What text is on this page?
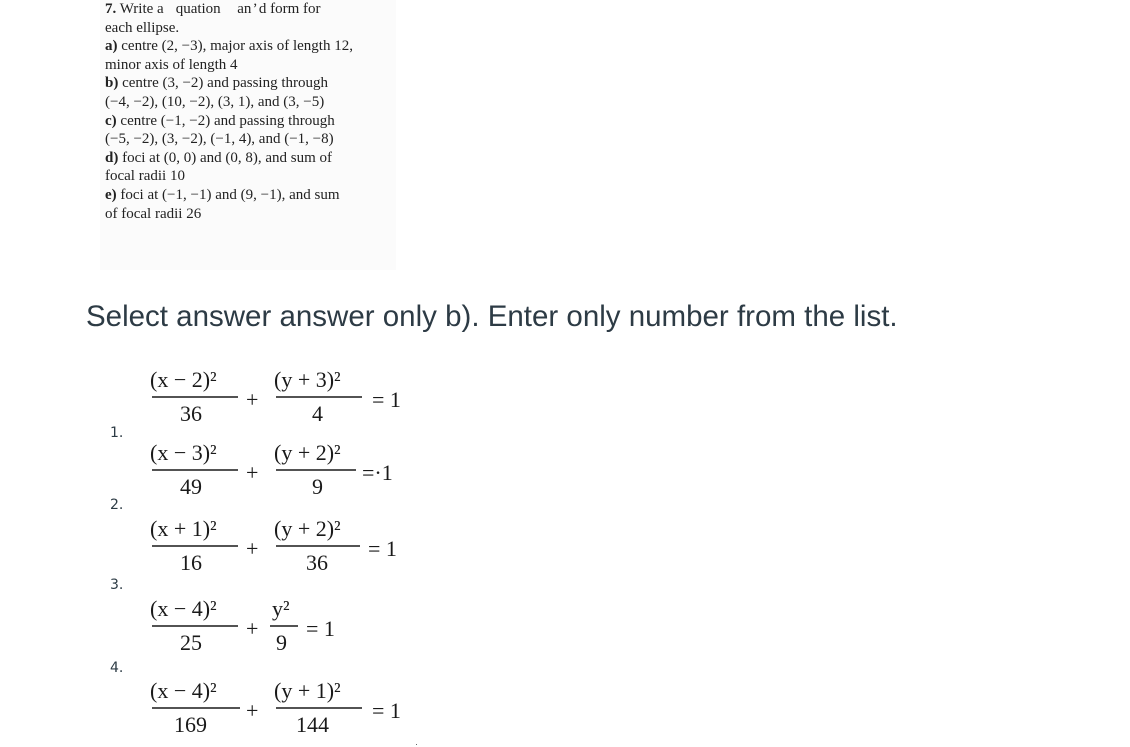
7. Write a    quation     an ’ d form for
each ellipse.
a) centre (2, −3), major axis of length 12,
minor axis of length 4
b) centre (3, −2) and passing through
(−4, −2), (10, −2), (3, 1), and (3, −5)
c) centre (−1, −2) and passing through
(−5, −2), (3, −2), (−1, 4), and (−1, −8)
d) foci at (0, 0) and (0, 8), and sum of
focal radii 10
e) foci at (−1, −1) and (9, −1), and sum
of focal radii 26
Select answer answer only b). Enter only number from the list.
1.
(x − 2)²
36
+
(y + 3)²
4
= 1
2.
(x − 3)²
49
+
(y + 2)²
9
=·1
3.
(x + 1)²
16
+
(y + 2)²
36
= 1
4.
(x − 4)²
25
+
y²
9
= 1
(x − 4)²
169
+
(y + 1)²
144
= 1
